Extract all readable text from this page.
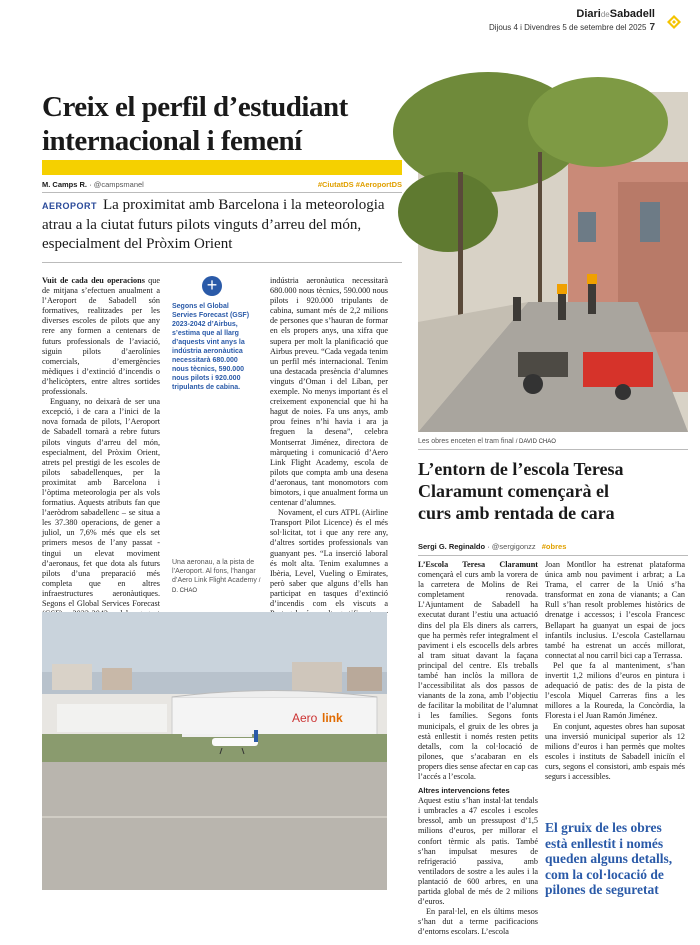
DiarideSabadell
Dijous 4 i Divendres 5 de setembre del 2025 7
Creix el perfil d’estudiant
internacional i femení
M. Camps R. · @campsmanel	#CiutatDS #AeroportDS
AEROPORT La proximitat amb Barcelona i la meteorologia atrau a la ciutat futurs pilots vinguts d’arreu del món, especialment del Pròxim Orient

Vuit de cada deu operacions que de mitjana s’efectuen anualment a l’Aeroport de Sabadell són formatives, realitzades per les diverses escoles de pilots que any rere any formen a centenars de futurs professionals de l’aviació, siguin pilots d’aerolínies comercials, d’emergències mèdiques i d’extinció d’incendis o d’helicòpters, entre altres sortides professionals.

Enguany, no deixarà de ser una excepció, i de cara a l’inici de la nova fornada de pilots, l’Aeroport de Sabadell tornarà a rebre futurs pilots vinguts d’arreu del món, especialment, del Pròxim Orient, atrets pel prestigi de les escoles de pilots sabadellenques, per la proximitat amb Barcelona i l’òptima meteorologia per als vols formatius. Aquests atributs fan que l’aeròdrom sabadellenc – se situa a les 37.380 operacions, de gener a juliol, un 7,6% més que els set primers mesos de l’any passat - tingui un elevat moviment d’aeronaus, fet que dota als futurs pilots d’una preparació més completa que en altres infraestructures aeronàutiques. Segons el Global Services Forecast

+
Segons el Global Servies Forecast (GSF) 2023-2042 d’Airbus, s’estima que al llarg d’aquests vint anys la indústria aeronàutica necessitarà 680.000 nous tècnics, 590.000 nous pilots i 920.000 tripulants de cabina.
Una aeronau, a la pista de l’Aeroport. Al fons, l’hangar d’Aero Link Flight Academy / D. CHAO

indústria aeronàutica necessitarà 680.000 nous tècnics, 590.000 nous pilots i 920.000 tripulants de cabina, sumant més de 2,2 milions de persones que s’hauran de formar en els propers anys, una xifra que supera per molt la planificació que Airbus preveu. “Cada vegada tenim un perfil més internacional. Tenim una destacada presència d’alumnes vinguts d’Oman i del Líban, per exemple. No menys important és el creixement exponencial que hi ha hagut de noies. Fa uns anys, amb prou feines n’hi havia i ara ja freguen la desena”, celebra Montserrat Jiménez, directora de màrqueting i comunicació d’Aero Link Flight Academy, escola de pilots que compta amb una desena d’aeronaus, tant monomotors com bimotors, i que anualment forma un centenar d’alumnes.

Novament, el curs ATPL (Airline Transport Pilot Licence) és el més sol·licitat, tot i que any rere any, d’altres sortides professionals van guanyant pes. “La inserció laboral és molt alta. Tenim exalumnes a Ibèria, Level, Vueling o Emirates, però saber que alguns d’ells han participat en tasques d’extinció d’incendis com els viscuts a

Aero link
Les obres enceten el tram final / DAVID CHAO
L’entorn de l’escola Teresa
Claramunt començarà el
curs amb rentada de cara
Sergi G. Reginaldo · @sergigonzz #obres

L’Escola Teresa Claramunt començarà el curs amb la vorera de la carretera de Molins de Rei completament renovada. L’Ajuntament de Sabadell ha executat durant l’estiu una actuació dins del pla Els diners als carrers, que ha permès refer integralment el paviment i els escocells dels arbres al tram situat davant la façana principal del centre. Els treballs també han inclòs la millora de l’accessibilitat als dos passos de vianants de la zona, amb l’objectiu de facilitar la mobilitat de l’alumnat i les famílies. Segons fonts municipals, el gruix de les obres ja està enllestit i només resten petits detalls, com la col·locació de pilones, que s’acabaran en els propers dies sense afectar en cap cas l’accés a l’escola.

Altres intervencions fetes

Aquest estiu s’han instal·lat tendals i umbracles a 47 escoles i escoles bressol, amb un pressupost d’1,5 milions d’euros, per millorar el confort tèrmic als patis. També s’han impulsat mesures de refrigeració passiva, amb ventiladors de sostre a les aules i la plantació de 600 arbres, en una partida global de més de 2 milions d’euros.

En paral·lel, en els últims mesos s’han dut a terme pacificacions d’entorns escolars. L’escola

Joan Montllor ha estrenat plataforma única amb nou paviment i arbrat; a La Trama, el carrer de la Unió s’ha transformat en zona de vianants; a Can Rull s’han resolt problemes històrics de drenatge i accessos; i l’escola Francesc Bellapart ha guanyat un espai de jocs infantils inclusius. L’escola Castellarnau també ha estrenat un accés millorat, connectat al nou carril bici cap a Terrassa.

Pel que fa al manteniment, s’han invertit 1,2 milions d’euros en pintura i adequació de patis: des de la pista de l’escola Miquel Carreras fins a les millores a la Roureda, la Concòrdia, la Floresta i el Juan Ramón Jiménez.

En conjunt, aquestes obres han suposat una inversió municipal superior als 12 milions d’euros i han permès que moltes escoles i instituts de Sabadell iniciïn el curs, segons el consistori, amb espais més segurs i accessibles.

El gruix de les obres està enllestit i només queden alguns detalls, com la col·locació de pilones de seguretat
